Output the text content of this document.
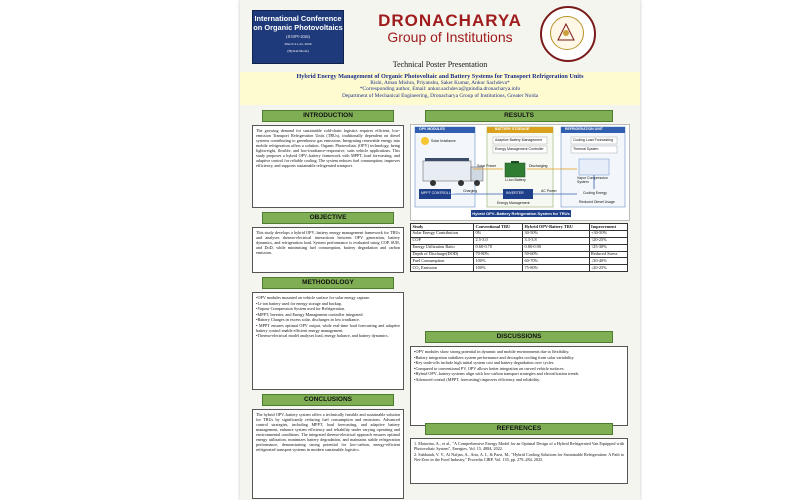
International Conference on Organic Photovoltaics
(ICOPV-2026)
March 21-22, 2026
(Hybrid Mode)
DRONACHARYA
Group of Institutions
Technical Poster Presentation
Hybrid Energy Management of Organic Photovoltaic and Battery Systems for Transport Refrigeration Units
Rishi, Aman Mishra, Priyanshu, Saket Kumar, Ankur Sachdeva*
*Corresponding author, Email: ankur.sachdeva@gnindia.dronacharya.info
Department of Mechanical Engineering, Dronacharya Group of Institutions, Greater Noida
INTRODUCTION

The growing demand for sustainable cold-chain logistics requires efficient, low-emission Transport Refrigeration Units (TRUs), traditionally dependent on diesel systems contributing to greenhouse gas emissions. Integrating renewable energy into mobile refrigeration offers a solution. Organic Photovoltaic (OPV) technology, being lightweight, flexible, and low-irradiance-responsive, suits vehicle applications. This study proposes a hybrid OPV–battery framework with MPPT, load forecasting, and adaptive control for reliable cooling. The system reduces fuel consumption, improves efficiency, and supports sustainable refrigerated transport.

OBJECTIVE

This study develops a hybrid OPV–battery energy management framework for TRUs and analyses thermo-electrical interactions between OPV generation, battery dynamics, and refrigeration load. System performance is evaluated using COP, SUR, and DoD, while minimising fuel consumption, battery degradation and carbon emission.

METHODOLOGY
•OPV modules mounted on vehicle surface for solar energy capture.
•Li-ion battery used for energy storage and backup.
•Vapour Compression System used for Refrigeration.
•MPPT, Inverter, and Energy Management controller integrated.
•Battery Charges in excess solar, discharges in low irradiance.
• MPPT ensures optimal OPV output, while real-time load forecasting and adaptive battery control enable efficient energy management.
•Thermo-electrical model analyses load, energy balance, and battery dynamics.
CONCLUSIONS

The hybrid OPV–battery system offers a technically feasible and sustainable solution for TRUs by significantly reducing fuel consumption and emissions. Advanced control strategies, including MPPT, load forecasting, and adaptive battery management, enhance system efficiency and reliability under varying operating and environmental conditions. The integrated thermo-electrical approach ensures optimal energy utilization, minimizes battery degradation, and maintains stable refrigeration performance, demonstrating strong potential for low-carbon, energy-efficient refrigerated transport systems in modern sustainable logistics.

RESULTS
OPV MODULES	BATTERY STORAGE	REFRIGERATION UNIT
Solar Irradiance	Adaptive Battery Management
Energy Management Controller
Cooling Load Forecasting
Thermal System
Solar Power	Discharging
Li-ion Battery	Vapor Compression System
MPPT CONTROLLER Charging	INVERTER	AC Power
Energy Management
Cooling Energy
Reduced Diesel Usage
Hybrid OPV–Battery Refrigeration System for TRUs
Study	Conventional TRU	Hybrid OPV-Battery TRU	Improvement
Solar Energy Contribution	0%	30-50%	+30-50%
COP	2.5-3.0	3.3-3.8	↑20-25%
Energy Utilization Ratio	0.60-0.70	0.80-0.90	↑25-30%
Depth of Discharge(DOD)	70-80%	50-60%	Reduced Stress
Fuel Consumption	100%	60-70%	↓30-40%
CO₂ Emission	100%	75-80%	↓20-25%
DISCUSSIONS
•OPV modules show strong potential in dynamic and mobile environments due to flexibility.
•Battery integration stabilizes system performance and decouples cooling from solar variability.
•Key trade-offs include high initial system cost and battery degradation over cycles.
•Compared to conventional PV, OPV allows better integration on curved vehicle surfaces.
•Hybrid OPV–battery systems align with low-carbon transport strategies and electrification trends.
•Advanced control (MPPT, forecasting) improves efficiency and reliability.
REFERENCES
1. Maiorino, A., et al., "A Comprehensive Energy Model for an Optimal Design of a Hybrid Refrigerated Van Equipped with Photovoltaic System", Energies, Vol. 15, 4884, 2022.
2. Subbaiah, V. V., Al Nafjan, A., Aria, A. I., & Parsi, M., "Hybrid Cooling Solutions for Sustainable Refrigeration: A Path to Net-Zero in the Food Industry," Procedia CIRP, Vol. 135, pp. 279–284, 2025.
